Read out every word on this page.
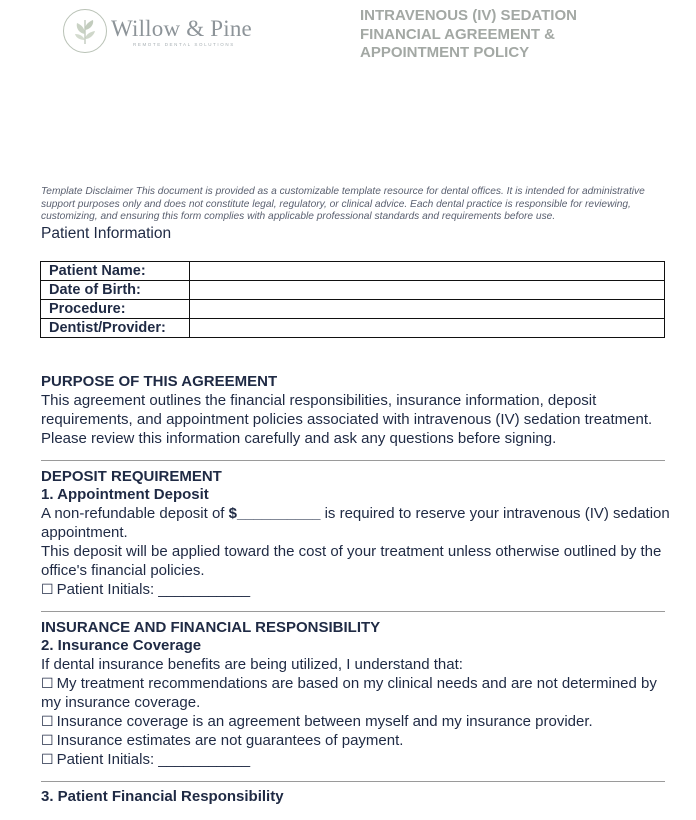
Willow & Pine
REMOTE DENTAL SOLUTIONS
INTRAVENOUS (IV) SEDATION
FINANCIAL AGREEMENT &
APPOINTMENT POLICY
Template Disclaimer This document is provided as a customizable template resource for dental offices. It is intended for administrative support purposes only and does not constitute legal, regulatory, or clinical advice. Each dental practice is responsible for reviewing, customizing, and ensuring this form complies with applicable professional standards and requirements before use.
Patient Information
Patient Name:	
Date of Birth:	
Procedure:	
Dentist/Provider:	
PURPOSE OF THIS AGREEMENT

This agreement outlines the financial responsibilities, insurance information, deposit requirements, and appointment policies associated with intravenous (IV) sedation treatment.

Please review this information carefully and ask any questions before signing.

DEPOSIT REQUIREMENT
1. Appointment Deposit

A non-refundable deposit of $__________ is required to reserve your intravenous (IV) sedation appointment.

This deposit will be applied toward the cost of your treatment unless otherwise outlined by the office's financial policies.

☐ Patient Initials: ___________

INSURANCE AND FINANCIAL RESPONSIBILITY
2. Insurance Coverage

If dental insurance benefits are being utilized, I understand that:

☐ My treatment recommendations are based on my clinical needs and are not determined by my insurance coverage.

☐ Insurance coverage is an agreement between myself and my insurance provider.

☐ Insurance estimates are not guarantees of payment.

☐ Patient Initials: ___________

3. Patient Financial Responsibility
